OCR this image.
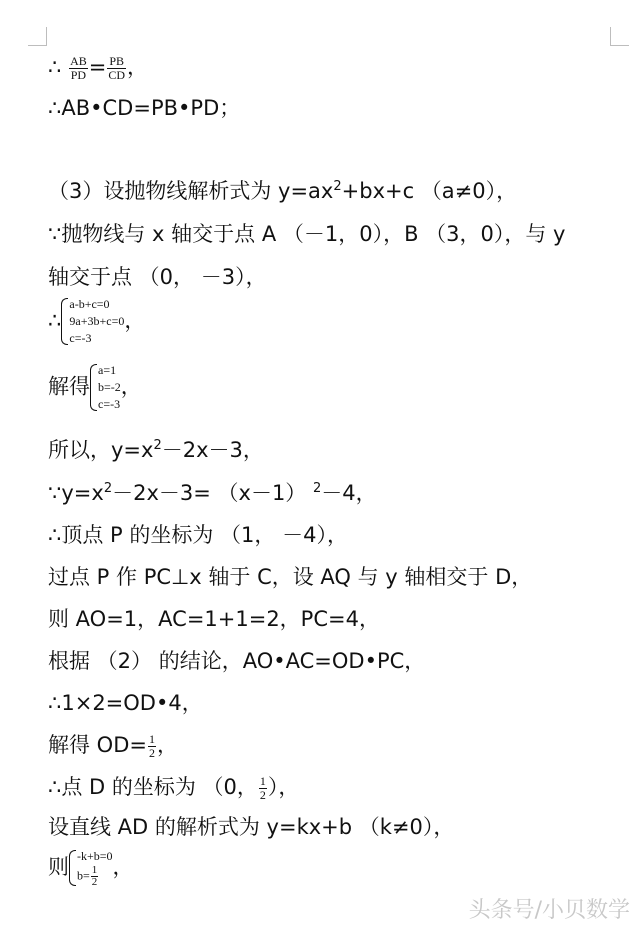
∴ $\frac{AB}{PD} = \frac{PB}{CD}$ ，
∴AB•CD=PB•PD；
（3）设抛物线解析式为 $y=ax^2+bx+c$ （a≠0），
∵抛物线与 x 轴交于点 A （－1，0），B （3，0），与 y
轴交于点 （0， －3），
∴
a-b+c=0
9a+3b+c=0
c=-3
，
解得
a=1
b=-2
c=-3
，
所以，$y=x^2-2x-3$，
$\because y=x^2-2x-3= (x-1)$ $^2$－4，
∴顶点 P 的坐标为 （1， －4），
过点 P 作 PC⊥x 轴于 C，设 AQ 与 y 轴相交于 D，
则 AO=1，AC=1+1=2，PC=4，
根据 （2） 的结论，AO•AC=OD•PC，
∴1×2=OD•4，
解得 $OD= \frac{1}{2}$ ，
∴点 D 的坐标为 （0， $\frac{1}{2}$ ），
设直线 AD 的解析式为 y=kx+b （k≠0），
则 -k+b=0
$b= \frac{1}{2}$ ，
头条号/小贝数学
